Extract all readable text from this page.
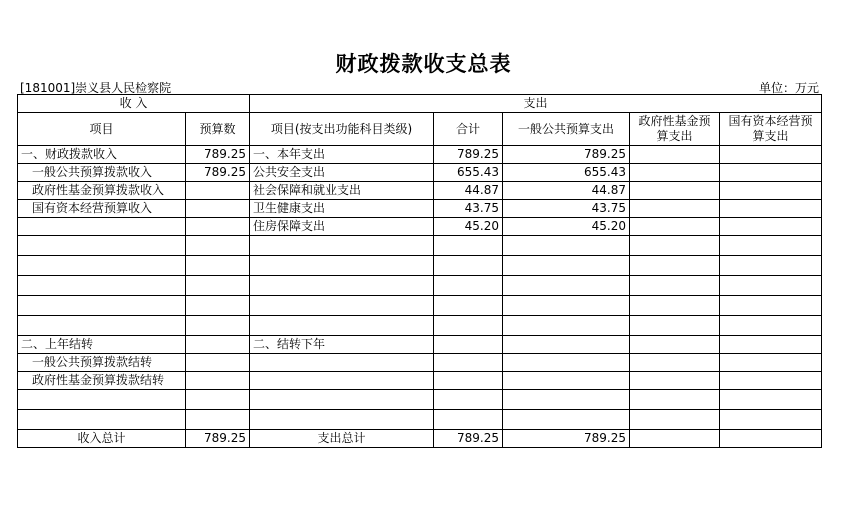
财政拨款收支总表
[181001]崇义县人民检察院	单位：万元
收 入		支出				
项目	预算数	项目(按支出功能科目类级)	合计	一般公共预算支出	政府性基金预算支出	国有资本经营预算支出
一、财政拨款收入	789.25	一、本年支出	789.25	789.25		
一般公共预算拨款收入	789.25	公共安全支出	655.43	655.43		
政府性基金预算拨款收入		社会保障和就业支出	44.87	44.87		
国有资本经营预算收入		卫生健康支出	43.75	43.75		
		住房保障支出	45.20	45.20		

二、上年结转		二、结转下年				
一般公共预算拨款结转						
政府性基金预算拨款结转						

收入总计	789.25	支出总计	789.25	789.25		
